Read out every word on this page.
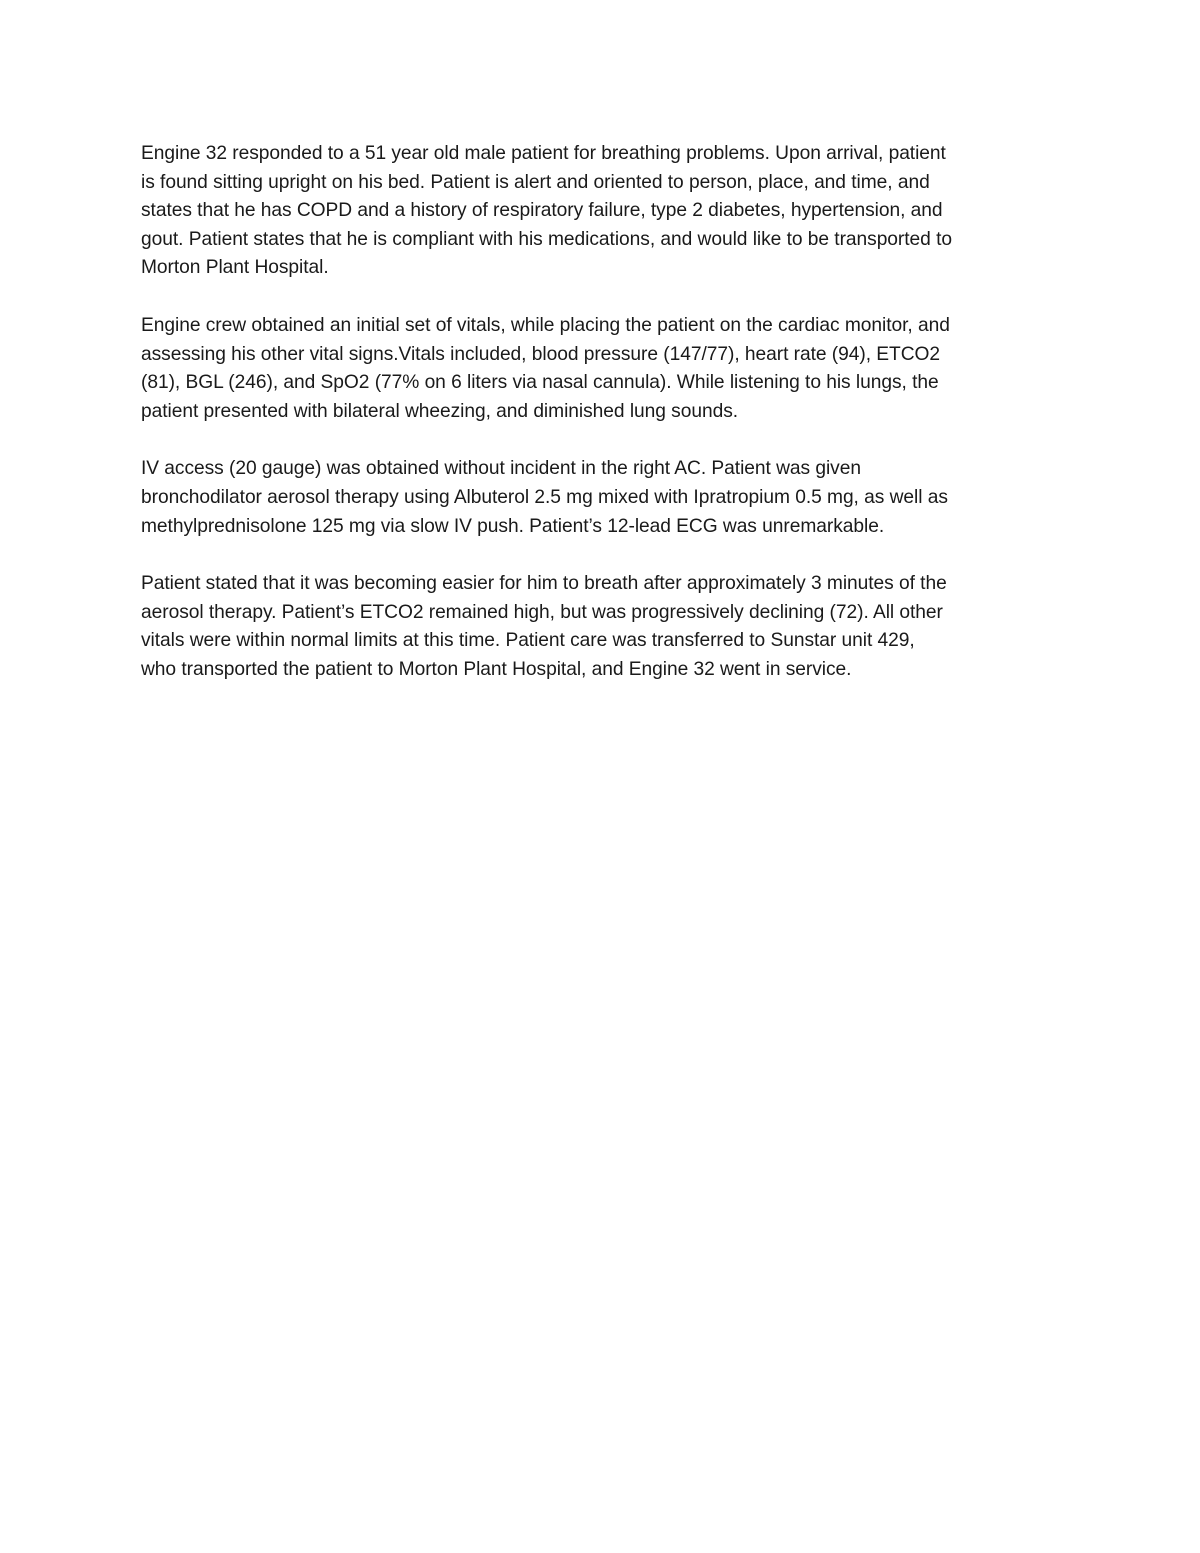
Engine 32 responded to a 51 year old male patient for breathing problems. Upon arrival, patient
is found sitting upright on his bed. Patient is alert and oriented to person, place, and time, and
states that he has COPD and a history of respiratory failure, type 2 diabetes, hypertension, and
gout. Patient states that he is compliant with his medications, and would like to be transported to
Morton Plant Hospital.

Engine crew obtained an initial set of vitals, while placing the patient on the cardiac monitor, and
assessing his other vital signs.Vitals included, blood pressure (147/77), heart rate (94), ETCO2
(81), BGL (246), and SpO2 (77% on 6 liters via nasal cannula). While listening to his lungs, the
patient presented with bilateral wheezing, and diminished lung sounds.

IV access (20 gauge) was obtained without incident in the right AC. Patient was given
bronchodilator aerosol therapy using Albuterol 2.5 mg mixed with Ipratropium 0.5 mg, as well as
methylprednisolone 125 mg via slow IV push. Patient’s 12-lead ECG was unremarkable.

Patient stated that it was becoming easier for him to breath after approximately 3 minutes of the
aerosol therapy. Patient’s ETCO2 remained high, but was progressively declining (72). All other
vitals were within normal limits at this time. Patient care was transferred to Sunstar unit 429,
who transported the patient to Morton Plant Hospital, and Engine 32 went in service.
